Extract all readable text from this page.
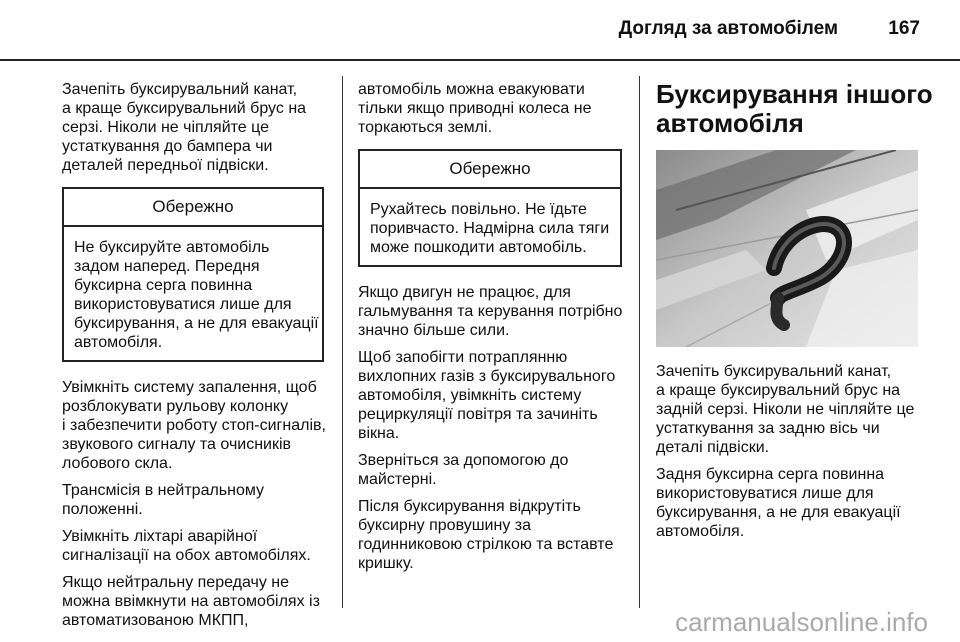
Догляд за автомобілем	167

Зачепіть буксирувальний канат,
а краще буксирувальний брус на
серзі. Ніколи не чіпляйте це
устаткування до бампера чи
деталей передньої підвіски.

Обережно
Не буксируйте автомобіль
задом наперед. Передня
буксирна серга повинна
використовуватися лише для
буксирування, а не для евакуації
автомобіля.

Увімкніть систему запалення, щоб
розблокувати рульову колонку
і забезпечити роботу стоп-сигналів,
звукового сигналу та очисників
лобового скла.

Трансмісія в нейтральному
положенні.

Увімкніть ліхтарі аварійної
сигналізації на обох автомобілях.

Якщо нейтральну передачу не
можна ввімкнути на автомобілях із
автоматизованою МКПП,

автомобіль можна евакуювати
тільки якщо приводні колеса не
торкаються землі.

Обережно
Рухайтесь повільно. Не їдьте
поривчасто. Надмірна сила тяги
може пошкодити автомобіль.

Якщо двигун не працює, для
гальмування та керування потрібно
значно більше сили.

Щоб запобігти потраплянню
вихлопних газів з буксирувального
автомобіля, увімкніть систему
рециркуляції повітря та зачиніть
вікна.

Зверніться за допомогою до
майстерні.

Після буксирування відкрутіть
буксирну провушину за
годинниковою стрілкою та вставте
кришку.

Буксирування іншого
автомобіля

Зачепіть буксирувальний канат,
а краще буксирувальний брус на
задній серзі. Ніколи не чіпляйте це
устаткування за задню вісь чи
деталі підвіски.

Задня буксирна серга повинна
використовуватися лише для
буксирування, а не для евакуації
автомобіля.

carmanualsonline.info
